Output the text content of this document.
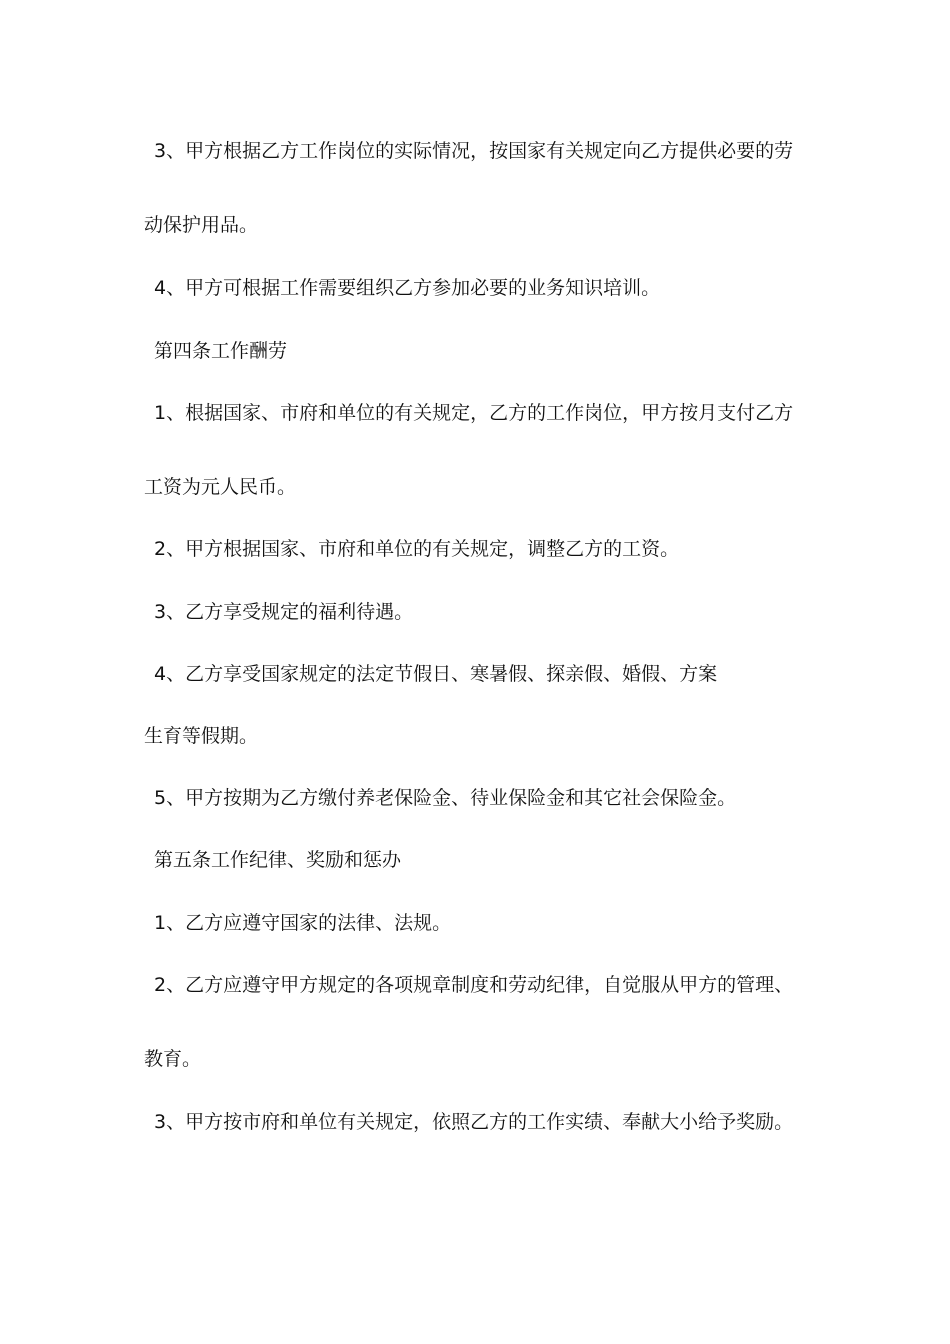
3、甲方根据乙方工作岗位的实际情况，按国家有关规定向乙方提供必要的劳
动保护用品。
4、甲方可根据工作需要组织乙方参加必要的业务知识培训。
第四条工作酬劳
1、根据国家、市府和单位的有关规定，乙方的工作岗位，甲方按月支付乙方
工资为元人民币。
2、甲方根据国家、市府和单位的有关规定，调整乙方的工资。
3、乙方享受规定的福利待遇。
4、乙方享受国家规定的法定节假日、寒暑假、探亲假、婚假、方案
生育等假期。
5、甲方按期为乙方缴付养老保险金、待业保险金和其它社会保险金。
第五条工作纪律、奖励和惩办
1、乙方应遵守国家的法律、法规。
2、乙方应遵守甲方规定的各项规章制度和劳动纪律，自觉服从甲方的管理、
教育。
3、甲方按市府和单位有关规定，依照乙方的工作实绩、奉献大小给予奖励。
